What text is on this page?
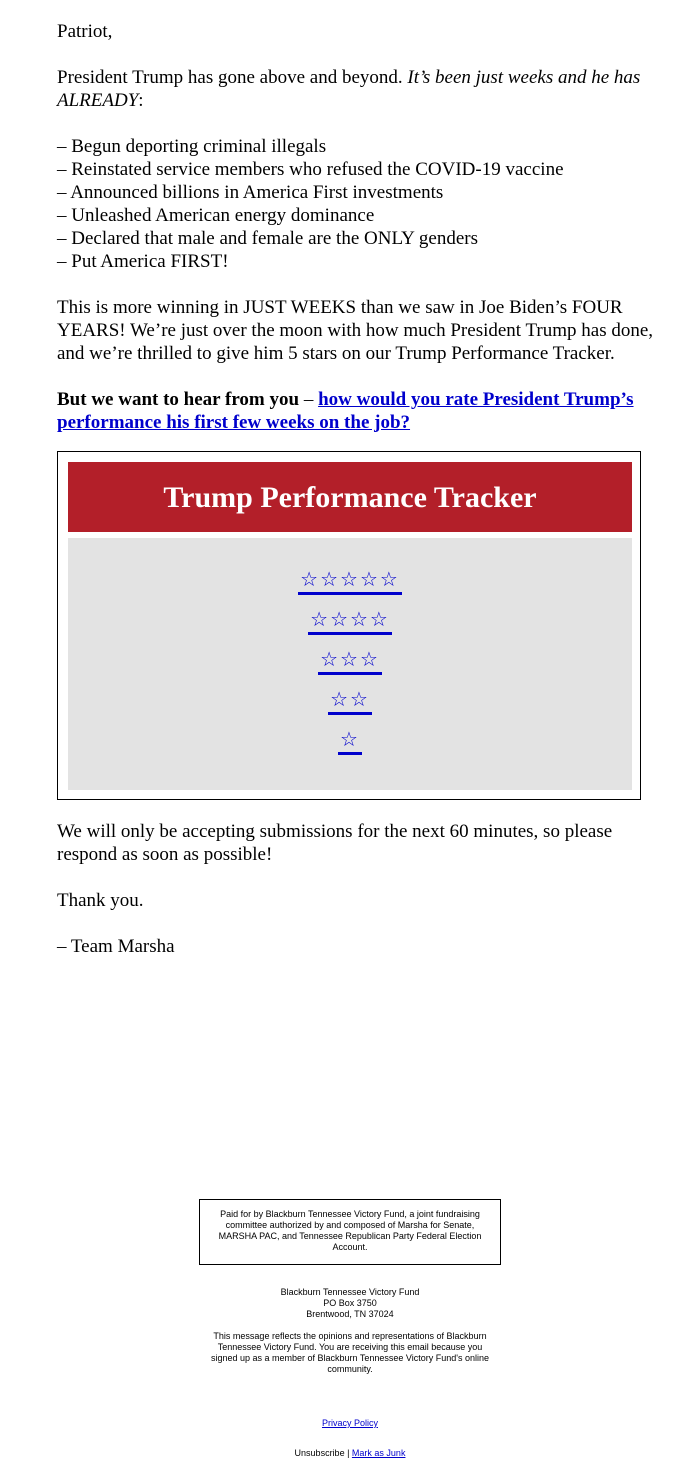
Patriot,

President Trump has gone above and beyond. It’s been just weeks and he has ALREADY:

– Begun deporting criminal illegals
– Reinstated service members who refused the COVID-19 vaccine
– Announced billions in America First investments
– Unleashed American energy dominance
– Declared that male and female are the ONLY genders
– Put America FIRST!

This is more winning in JUST WEEKS than we saw in Joe Biden’s FOUR YEARS! We’re just over the moon with how much President Trump has done, and we’re thrilled to give him 5 stars on our Trump Performance Tracker.

But we want to hear from you – how would you rate President Trump’s performance his first few weeks on the job?

Trump Performance Tracker
☆☆☆☆☆
☆☆☆☆
☆☆☆
☆☆
☆

We will only be accepting submissions for the next 60 minutes, so please respond as soon as possible!

Thank you.

– Team Marsha

Paid for by Blackburn Tennessee Victory Fund, a joint fundraising committee authorized by and composed of Marsha for Senate, MARSHA PAC, and Tennessee Republican Party Federal Election Account.
Blackburn Tennessee Victory Fund
PO Box 3750
Brentwood, TN 37024
This message reflects the opinions and representations of Blackburn Tennessee Victory Fund. You are receiving this email because you signed up as a member of Blackburn Tennessee Victory Fund's online community.
Privacy Policy
Unsubscribe | Mark as Junk
